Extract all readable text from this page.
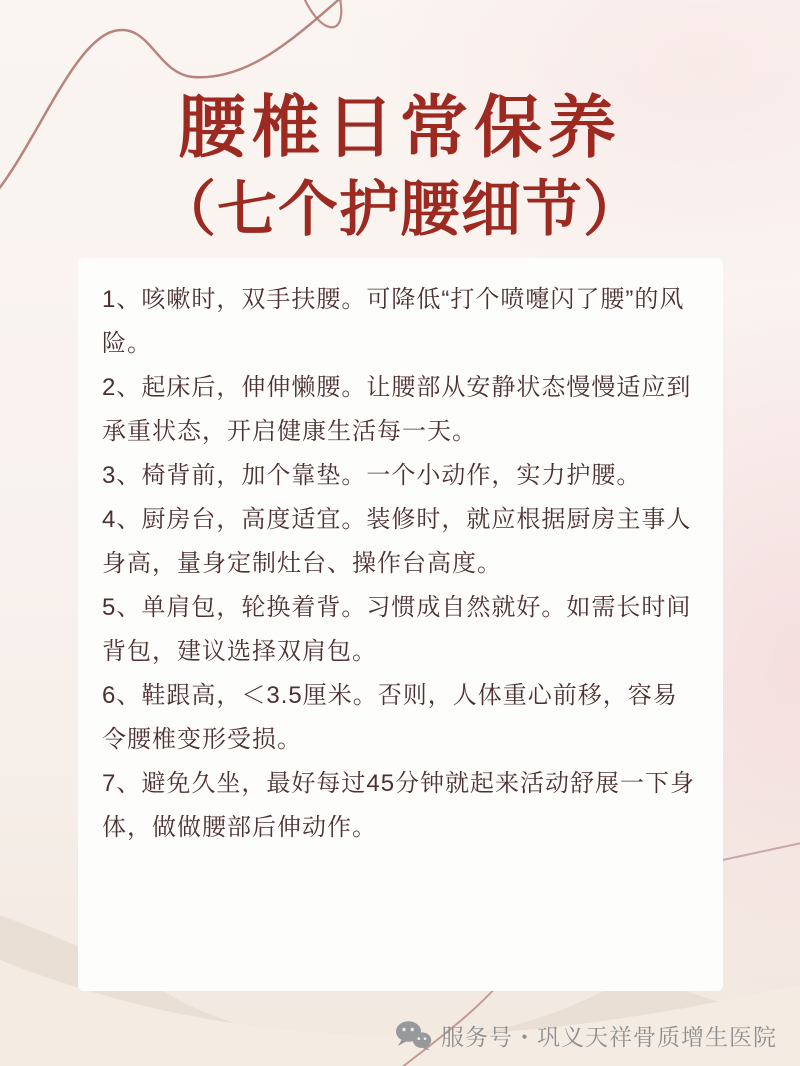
腰椎日常保养
（七个护腰细节）

1、咳嗽时，双手扶腰。可降低“打个喷嚏闪了腰”的风险。

2、起床后，伸伸懒腰。让腰部从安静状态慢慢适应到承重状态，开启健康生活每一天。

3、椅背前，加个靠垫。一个小动作，实力护腰。

4、厨房台，高度适宜。装修时，就应根据厨房主事人身高，量身定制灶台、操作台高度。

5、单肩包，轮换着背。习惯成自然就好。如需长时间背包，建议选择双肩包。

6、鞋跟高，＜3.5厘米。否则，人体重心前移，容易令腰椎变形受损。

7、避免久坐，最好每过45分钟就起来活动舒展一下身体，做做腰部后伸动作。

服务号・巩义天祥骨质增生医院
